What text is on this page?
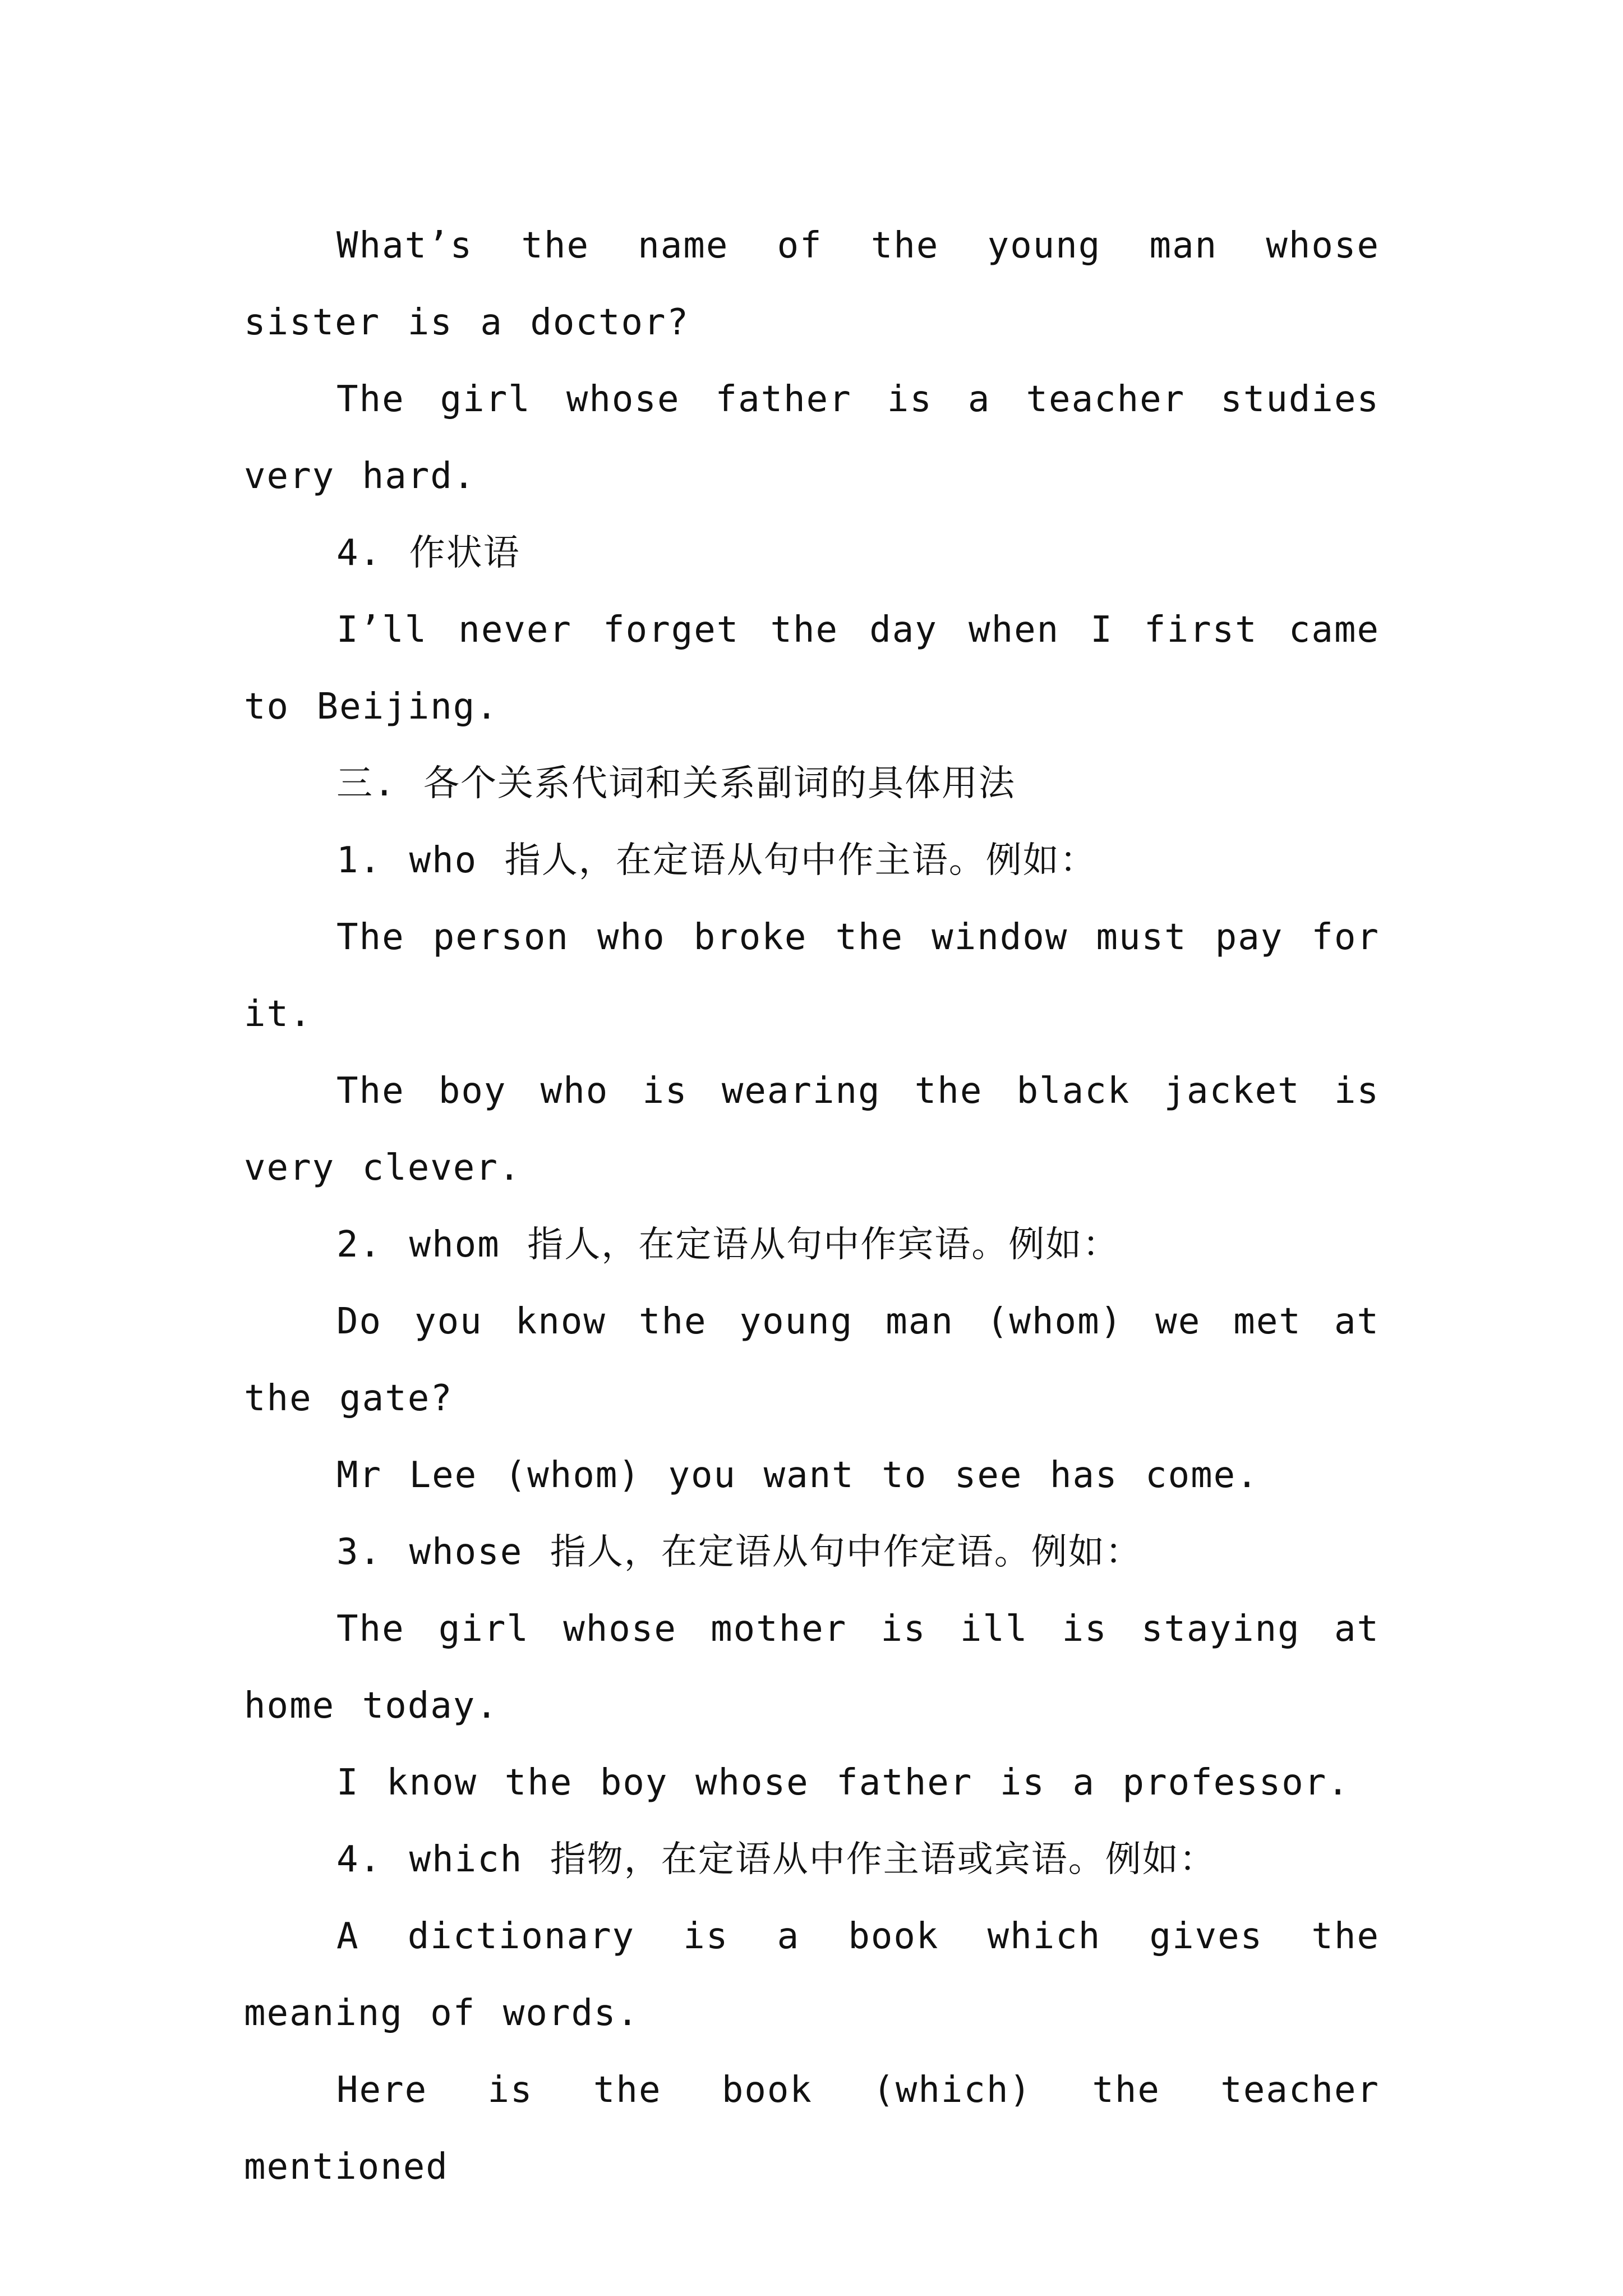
What’s the name of the young man whose sister is a doctor?

The girl whose father is a teacher studies very hard.

4. 作状语

I’ll never forget the day when I first came to Beijing.

三. 各个关系代词和关系副词的具体用法

1. who 指人，在定语从句中作主语。例如：

The person who broke the window must pay for it.

The boy who is wearing the black jacket is very clever.

2. whom 指人，在定语从句中作宾语。例如：

Do you know the young man (whom) we met at the gate?

Mr Lee (whom) you want to see has come.

3. whose 指人，在定语从句中作定语。例如：

The girl whose mother is ill is staying at home today.

I know the boy whose father is a professor.

4. which 指物，在定语从中作主语或宾语。例如：

A dictionary is a book which gives the meaning of words.

Here is the book (which) the teacher mentioned
